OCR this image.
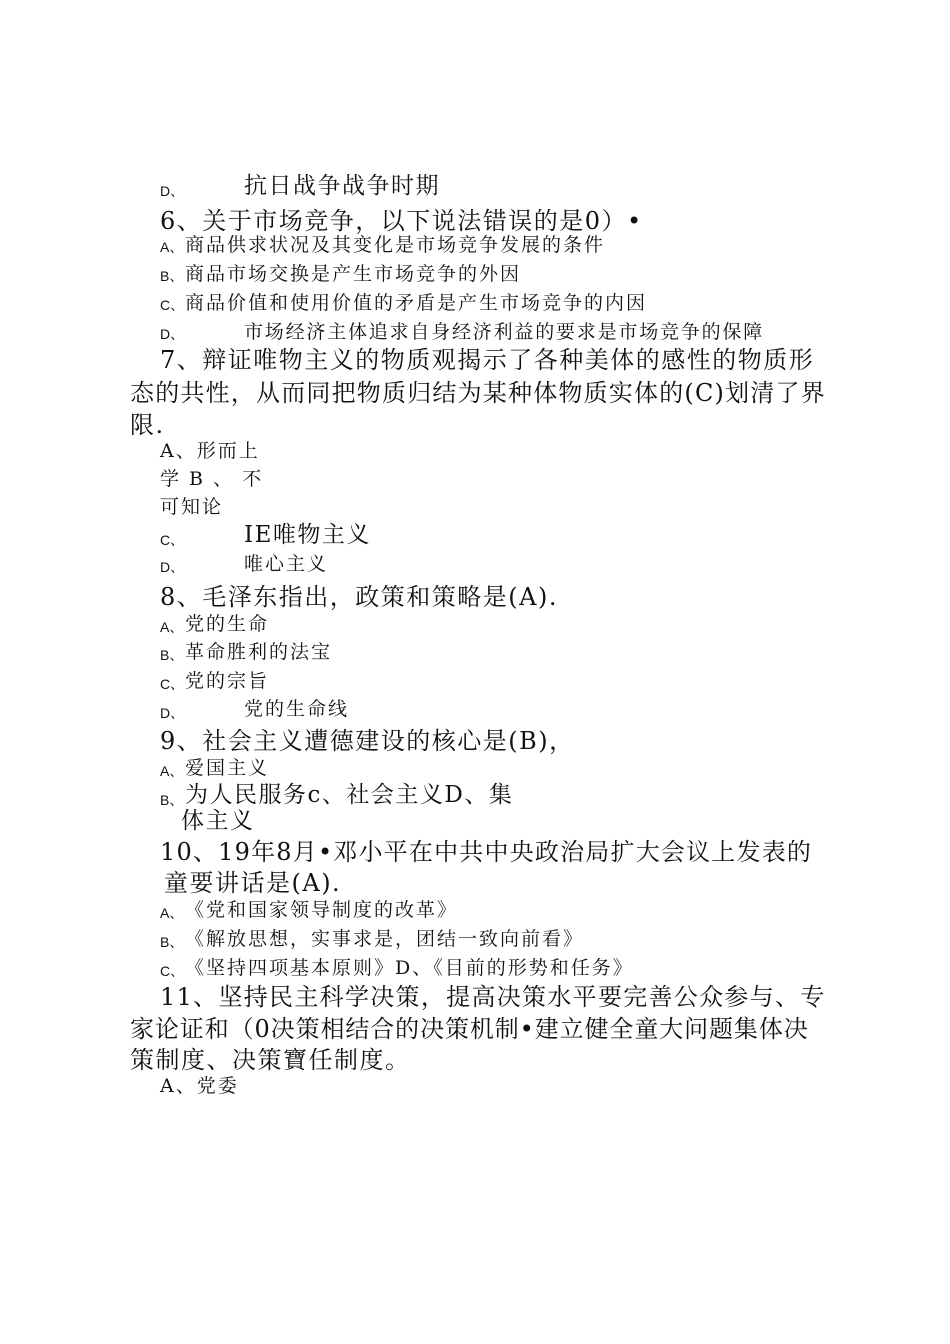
D、	抗日战争战争时期
6、关于市场竞争，以下说法错误的是0）•
A、 商品供求状况及其变化是市场竞争发展的条件
B、 商品市场交换是产生市场竞争的外因
C、 商品价值和使用价值的矛盾是产生市场竞争的内因
D、	市场经济主体追求自身经济利益的要求是市场竞争的保障
7、辩证唯物主义的物质观揭示了各种美体的感性的物质形
态的共性，从而同把物质归结为某种体物质实体的(C)划清了界
限.
A、形而上
学 B 、 不
可知论
C、	IE唯物主义
D、	唯心主义
8、毛泽东指出，政策和策略是(A).
A、 党的生命
B、 革命胜利的法宝
C、 党的宗旨
D、	党的生命线
9、社会主义遭德建设的核心是(B)，
A、 爱国主义
B、 为人民服务c、社会主义D、集
体主义
10、19年8月•邓小平在中共中央政治局扩大会议上发表的
童要讲话是(A).
A、 《党和国家领导制度的改革》
B、 《解放思想，实事求是，团结一致向前看》
C、 《坚持四项基本原则》D、《目前的形势和任务》
11、坚持民主科学决策，提高决策水平要完善公众参与、专
家论证和（0决策相结合的决策机制•建立健全童大问题集体决
策制度、决策寶任制度。
A、党委
